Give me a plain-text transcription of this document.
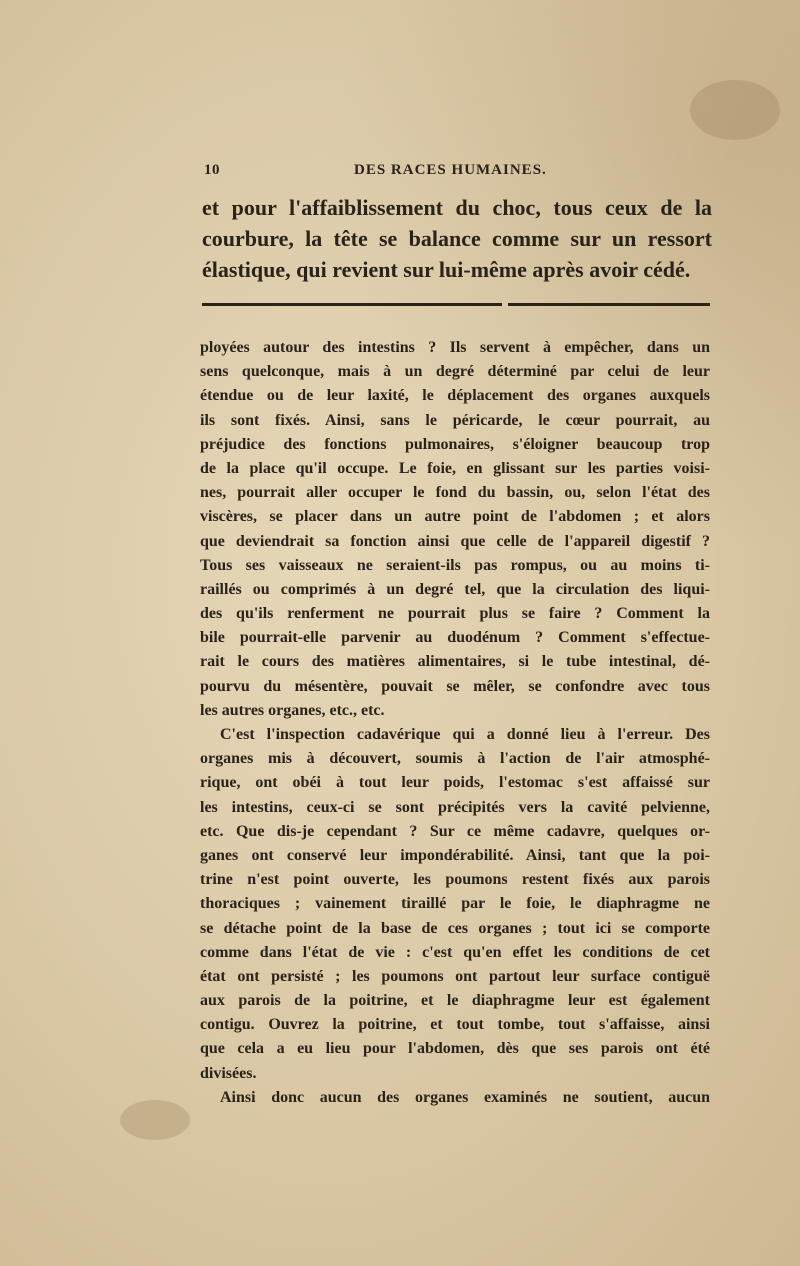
10	DES RACES HUMAINES.
et pour l'affaiblissement du choc, tous ceux de la
courbure, la tête se balance comme sur un ressort
élastique, qui revient sur lui-même après avoir cédé.
ployées autour des intestins ? Ils servent à empêcher, dans un
sens quelconque, mais à un degré déterminé par celui de leur
étendue ou de leur laxité, le déplacement des organes auxquels
ils sont fixés. Ainsi, sans le péricarde, le cœur pourrait, au
préjudice des fonctions pulmonaires, s'éloigner beaucoup trop
de la place qu'il occupe. Le foie, en glissant sur les parties voisi-
nes, pourrait aller occuper le fond du bassin, ou, selon l'état des
viscères, se placer dans un autre point de l'abdomen ; et alors
que deviendrait sa fonction ainsi que celle de l'appareil digestif ?
Tous ses vaisseaux ne seraient-ils pas rompus, ou au moins ti-
raillés ou comprimés à un degré tel, que la circulation des liqui-
des qu'ils renferment ne pourrait plus se faire ? Comment la
bile pourrait-elle parvenir au duodénum ? Comment s'effectue-
rait le cours des matières alimentaires, si le tube intestinal, dé-
pourvu du mésentère, pouvait se mêler, se confondre avec tous
les autres organes, etc., etc.
C'est l'inspection cadavérique qui a donné lieu à l'erreur. Des
organes mis à découvert, soumis à l'action de l'air atmosphé-
rique, ont obéi à tout leur poids, l'estomac s'est affaissé sur
les intestins, ceux-ci se sont précipités vers la cavité pelvienne,
etc. Que dis-je cependant ? Sur ce même cadavre, quelques or-
ganes ont conservé leur impondérabilité. Ainsi, tant que la poi-
trine n'est point ouverte, les poumons restent fixés aux parois
thoraciques ; vainement tiraillé par le foie, le diaphragme ne
se détache point de la base de ces organes ; tout ici se comporte
comme dans l'état de vie : c'est qu'en effet les conditions de cet
état ont persisté ; les poumons ont partout leur surface contiguë
aux parois de la poitrine, et le diaphragme leur est également
contigu. Ouvrez la poitrine, et tout tombe, tout s'affaisse, ainsi
que cela a eu lieu pour l'abdomen, dès que ses parois ont été
divisées.
Ainsi donc aucun des organes examinés ne soutient, aucun
